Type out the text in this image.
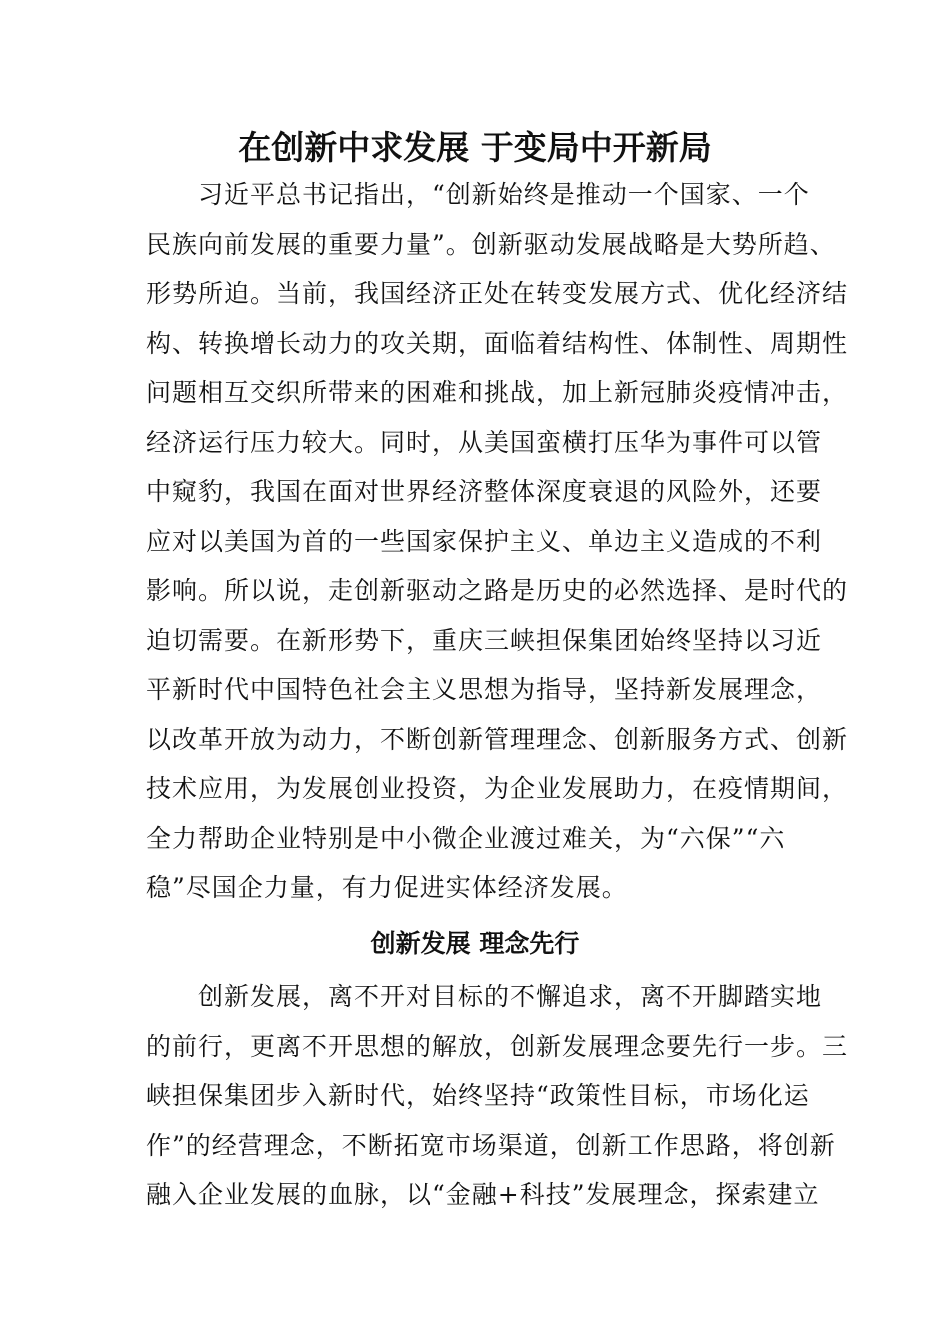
在创新中求发展 于变局中开新局
习近平总书记指出，“创新始终是推动一个国家、一个
民族向前发展的重要力量”。创新驱动发展战略是大势所趋、
形势所迫。当前，我国经济正处在转变发展方式、优化经济结
构、转换增长动力的攻关期，面临着结构性、体制性、周期性
问题相互交织所带来的困难和挑战，加上新冠肺炎疫情冲击，
经济运行压力较大。同时，从美国蛮横打压华为事件可以管
中窥豹，我国在面对世界经济整体深度衰退的风险外，还要
应对以美国为首的一些国家保护主义、单边主义造成的不利
影响。所以说，走创新驱动之路是历史的必然选择、是时代的
迫切需要。在新形势下，重庆三峡担保集团始终坚持以习近
平新时代中国特色社会主义思想为指导，坚持新发展理念，
以改革开放为动力，不断创新管理理念、创新服务方式、创新
技术应用，为发展创业投资，为企业发展助力，在疫情期间，
全力帮助企业特别是中小微企业渡过难关，为“六保”“六
稳”尽国企力量，有力促进实体经济发展。
创新发展 理念先行
创新发展，离不开对目标的不懈追求，离不开脚踏实地
的前行，更离不开思想的解放，创新发展理念要先行一步。三
峡担保集团步入新时代，始终坚持“政策性目标，市场化运
作”的经营理念，不断拓宽市场渠道，创新工作思路，将创新
融入企业发展的血脉，以“金融+科技”发展理念，探索建立
